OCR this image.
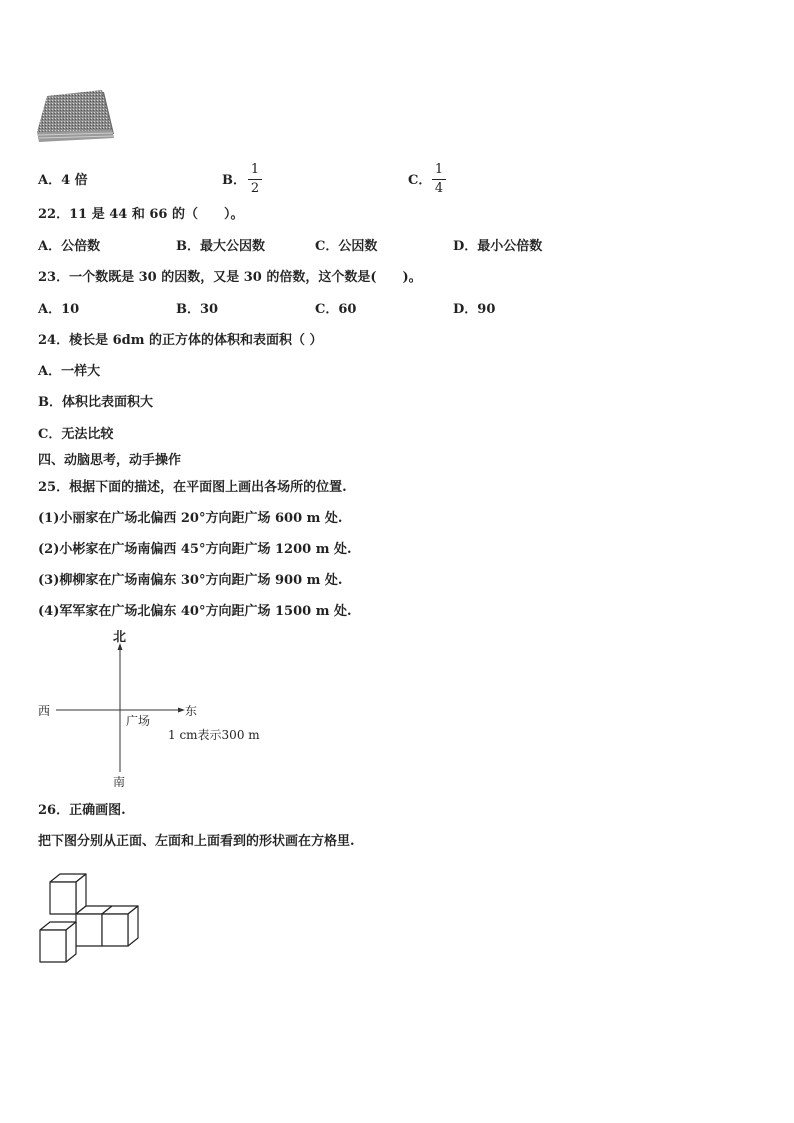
A．4 倍	B．
1
2
C．
1
4
22．11 是 44 和 66 的（　　）。
A．公倍数	B．最大公因数	C．公因数	D．最小公倍数
23．一个数既是 30 的因数，又是 30 的倍数，这个数是(　　)。
A．10	B．30	C．60	D．90
24．棱长是 6dm 的正方体的体积和表面积（ ）
A．一样大
B．体积比表面积大
C．无法比较
四、动脑思考，动手操作
25．根据下面的描述，在平面图上画出各场所的位置.
(1)小丽家在广场北偏西 20°方向距广场 600 m 处.
(2)小彬家在广场南偏西 45°方向距广场 1200 m 处.
(3)柳柳家在广场南偏东 30°方向距广场 900 m 处.
(4)军军家在广场北偏东 40°方向距广场 1500 m 处.
北
西	东
广场
1 cm表示300 m
南
26．正确画图.
把下图分别从正面、左面和上面看到的形状画在方格里.
